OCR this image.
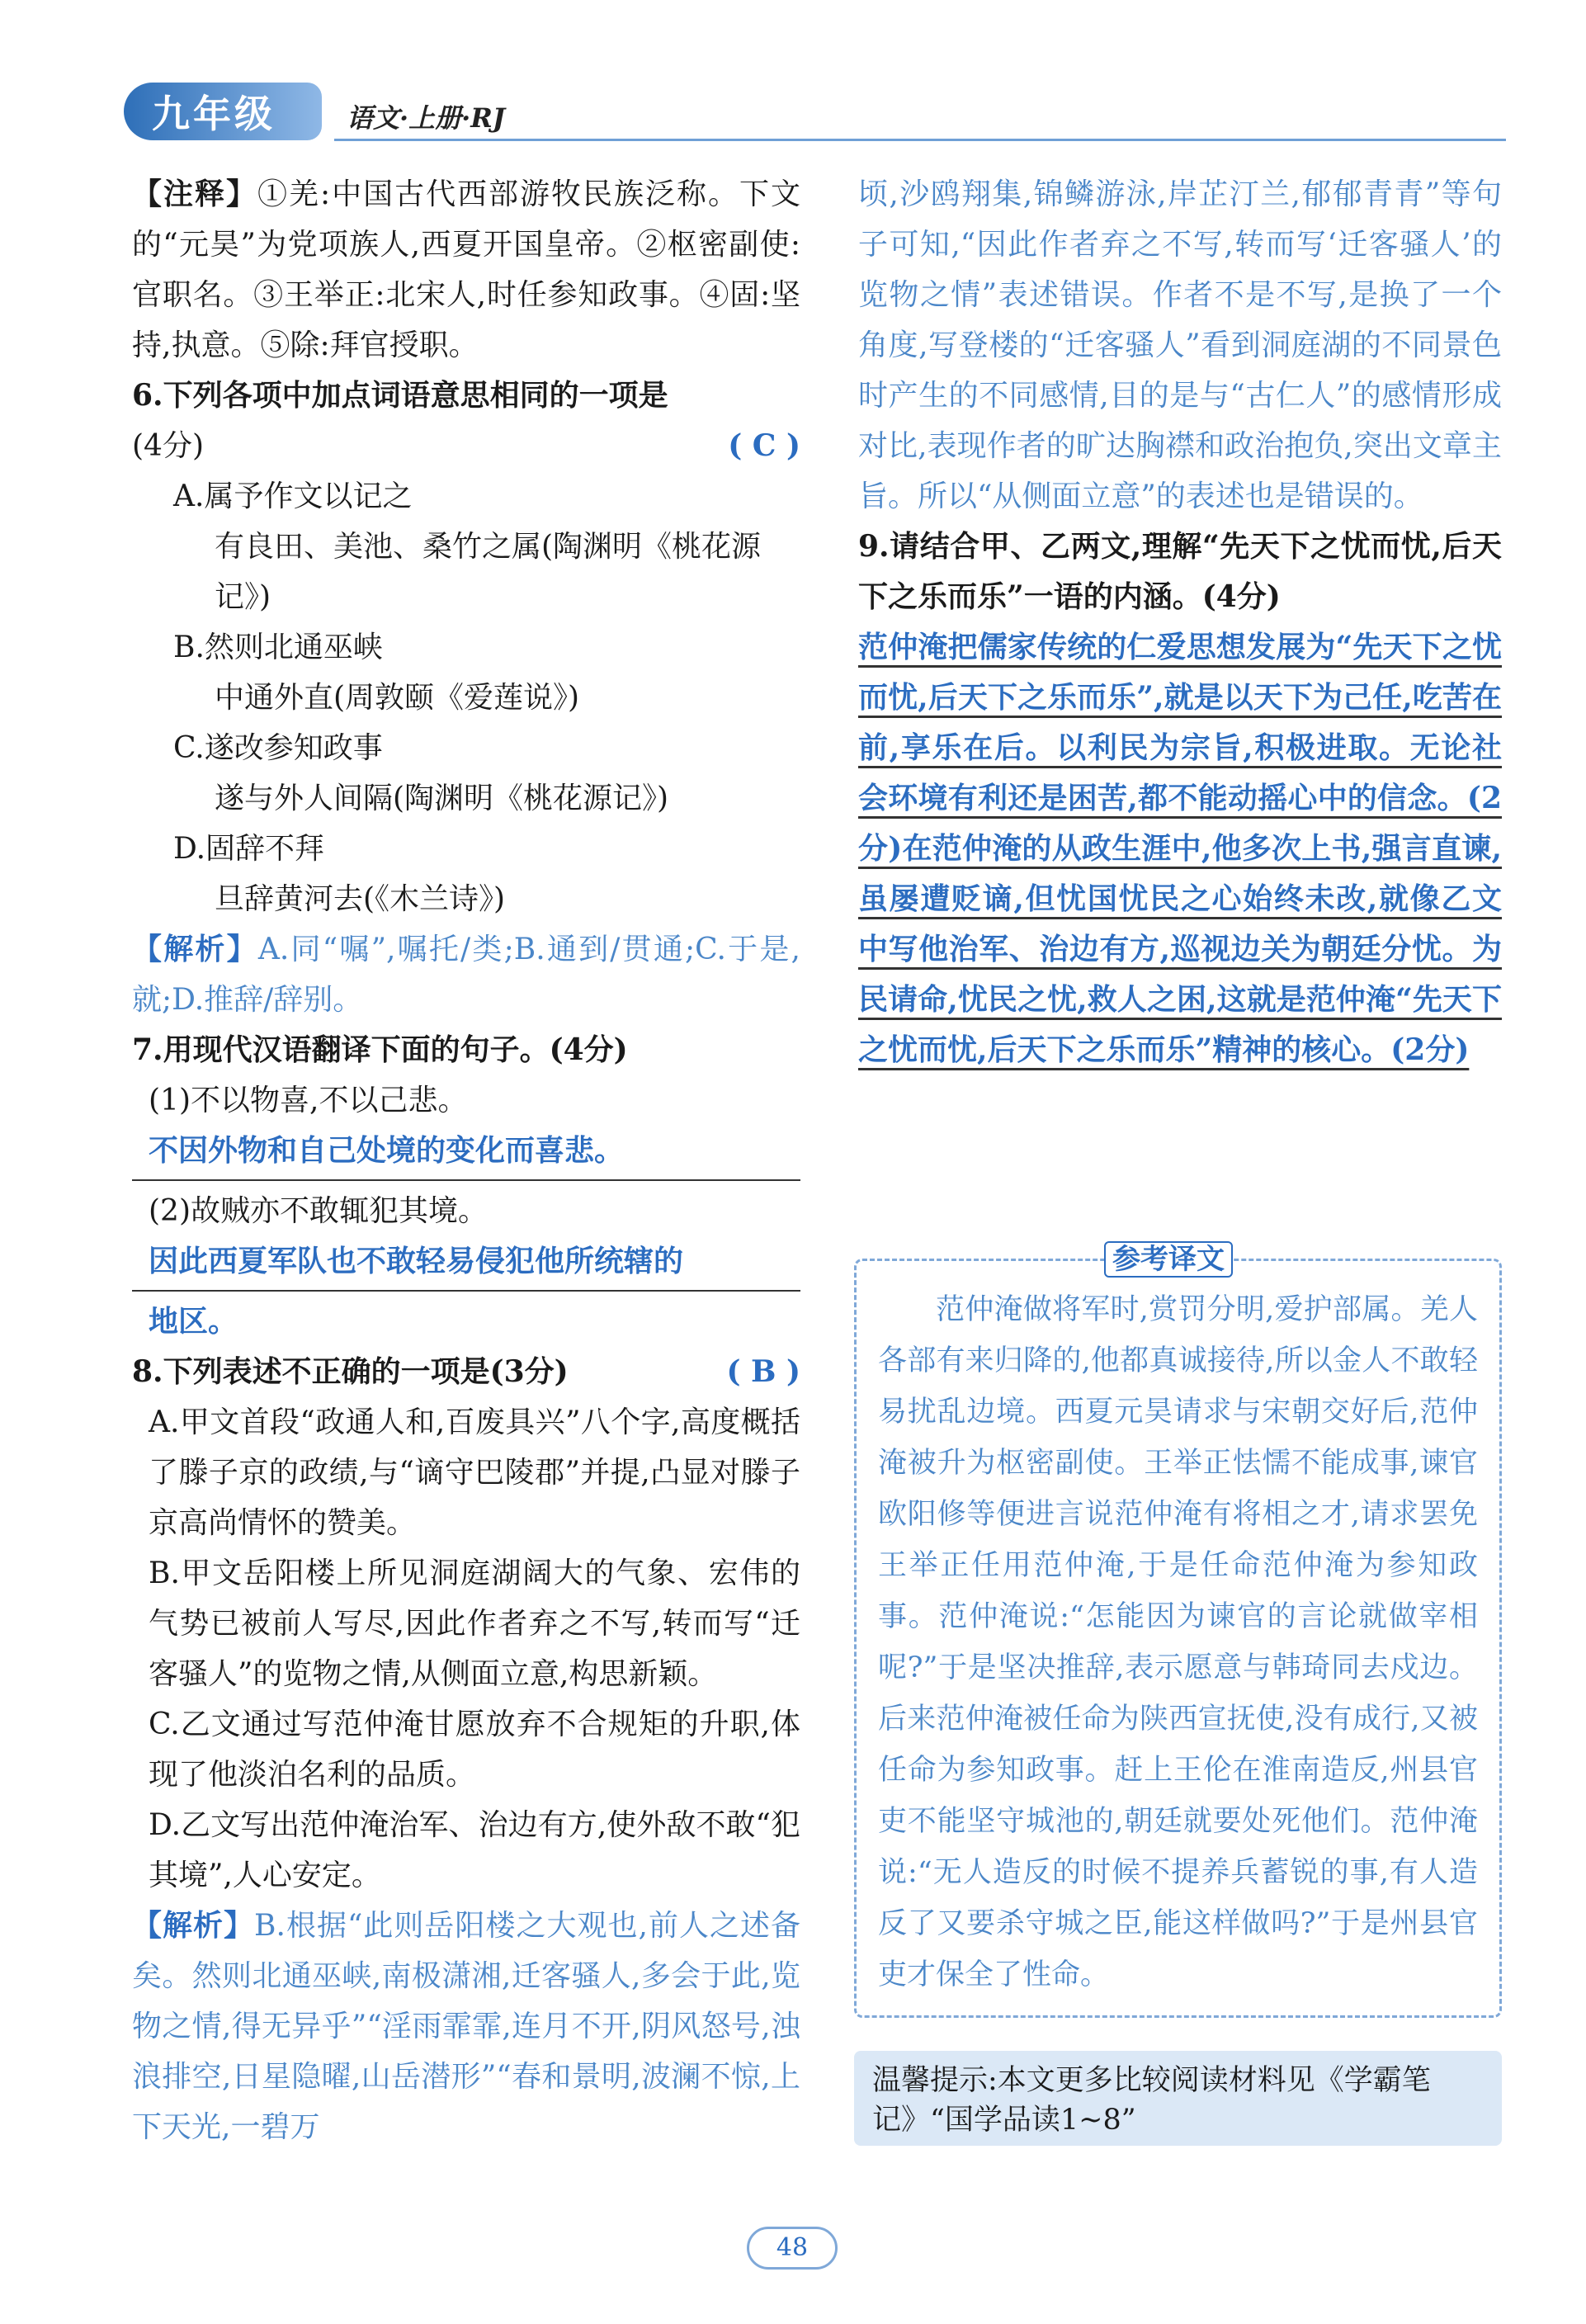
九年级	语文·上册·RJ

【注释】①羌:中国古代西部游牧民族泛称。下文的“元昊”为党项族人,西夏开国皇帝。②枢密副使:官职名。③王举正:北宋人,时任参知政事。④固:坚持,执意。⑤除:拜官授职。

6.下列各项中加点词语意思相同的一项是
(4分)	( C )
A.属予作文以记之
有良田、美池、桑竹之属(陶渊明《桃花源记》)
B.然则北通巫峡
中通外直(周敦颐《爱莲说》)
C.遂改参知政事
遂与外人间隔(陶渊明《桃花源记》)
D.固辞不拜
旦辞黄河去(《木兰诗》)

【解析】A.同“嘱”,嘱托/类;B.通到/贯通;C.于是,就;D.推辞/辞别。

7.用现代汉语翻译下面的句子。(4分)
(1)不以物喜,不以己悲。
不因外物和自己处境的变化而喜悲。
(2)故贼亦不敢辄犯其境。
因此西夏军队也不敢轻易侵犯他所统辖的
地区。
8.下列表述不正确的一项是(3分)	( B )

A.甲文首段“政通人和,百废具兴”八个字,高度概括了滕子京的政绩,与“谪守巴陵郡”并提,凸显对滕子京高尚情怀的赞美。

B.甲文岳阳楼上所见洞庭湖阔大的气象、宏伟的气势已被前人写尽,因此作者弃之不写,转而写“迁客骚人”的览物之情,从侧面立意,构思新颖。

C.乙文通过写范仲淹甘愿放弃不合规矩的升职,体现了他淡泊名利的品质。

D.乙文写出范仲淹治军、治边有方,使外敌不敢“犯其境”,人心安定。

【解析】B.根据“此则岳阳楼之大观也,前人之述备矣。然则北通巫峡,南极潇湘,迁客骚人,多会于此,览物之情,得无异乎”“淫雨霏霏,连月不开,阴风怒号,浊浪排空,日星隐曜,山岳潜形”“春和景明,波澜不惊,上下天光,一碧万

顷,沙鸥翔集,锦鳞游泳,岸芷汀兰,郁郁青青”等句子可知,“因此作者弃之不写,转而写‘迁客骚人’的览物之情”表述错误。作者不是不写,是换了一个角度,写登楼的“迁客骚人”看到洞庭湖的不同景色时产生的不同感情,目的是与“古仁人”的感情形成对比,表现作者的旷达胸襟和政治抱负,突出文章主旨。所以“从侧面立意”的表述也是错误的。

9.请结合甲、乙两文,理解“先天下之忧而忧,后天下之乐而乐”一语的内涵。(4分)

范仲淹把儒家传统的仁爱思想发展为“先天下之忧而忧,后天下之乐而乐”,就是以天下为己任,吃苦在前,享乐在后。以利民为宗旨,积极进取。无论社会环境有利还是困苦,都不能动摇心中的信念。(2分)在范仲淹的从政生涯中,他多次上书,强言直谏,虽屡遭贬谪,但忧国忧民之心始终未改,就像乙文中写他治军、治边有方,巡视边关为朝廷分忧。为民请命,忧民之忧,救人之困,这就是范仲淹“先天下之忧而忧,后天下之乐而乐”精神的核心。(2分)

参考译文
范仲淹做将军时,赏罚分明,爱护部属。羌人各部有来归降的,他都真诚接待,所以金人不敢轻易扰乱边境。西夏元昊请求与宋朝交好后,范仲淹被升为枢密副使。王举正怯懦不能成事,谏官欧阳修等便进言说范仲淹有将相之才,请求罢免王举正任用范仲淹,于是任命范仲淹为参知政事。范仲淹说:“怎能因为谏官的言论就做宰相呢?”于是坚决推辞,表示愿意与韩琦同去戍边。后来范仲淹被任命为陕西宣抚使,没有成行,又被任命为参知政事。赶上王伦在淮南造反,州县官吏不能坚守城池的,朝廷就要处死他们。范仲淹说:“无人造反的时候不提养兵蓄锐的事,有人造反了又要杀守城之臣,能这样做吗?”于是州县官吏才保全了性命。
温馨提示:本文更多比较阅读材料见《学霸笔记》“国学品读1~8”
48
